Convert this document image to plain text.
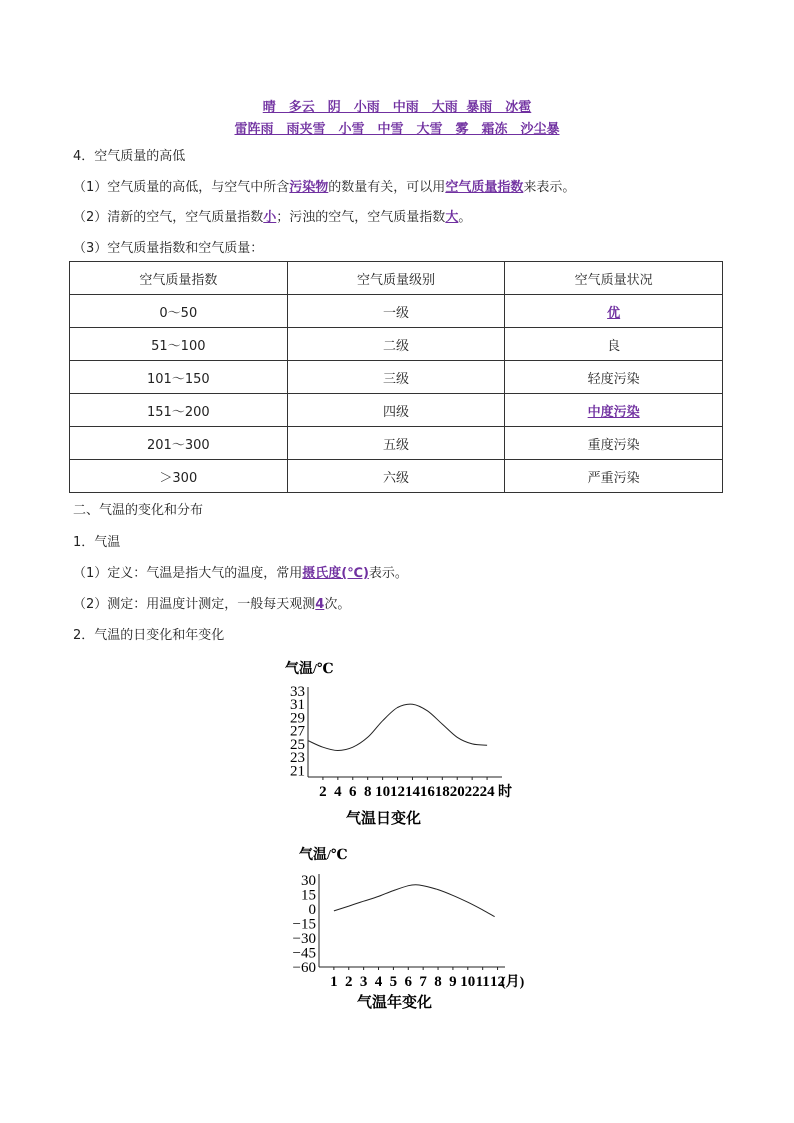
晴　多云　阴　小雨　中雨　大雨 暴雨　冰雹
雷阵雨　雨夹雪　小雪　中雪　大雪　雾　霜冻　沙尘暴
4．空气质量的高低
（1）空气质量的高低，与空气中所含污染物的数量有关，可以用空气质量指数来表示。
（2）清新的空气，空气质量指数小；污浊的空气，空气质量指数大。
（3）空气质量指数和空气质量：
空气质量指数	空气质量级别	空气质量状况
0～50	一级	优
51～100	二级	良
101～150	三级	轻度污染
151～200	四级	中度污染
201～300	五级	重度污染
＞300	六级	严重污染
二、气温的变化和分布
1．气温
（1）定义：气温是指大气的温度，常用摄氏度(℃)表示。
（2）测定：用温度计测定，一般每天观测4次。
2．气温的日变化和年变化
气温/℃
21
23
25
27
29
31
33
2 4 6 8 10 12 14 16 18 20 22 24 时
气温日变化
气温/℃
30
15
0
−15
−30
−45
−60
1 2 3 4 5 6 7 8 9 10 11 12
(月)
气温年变化
